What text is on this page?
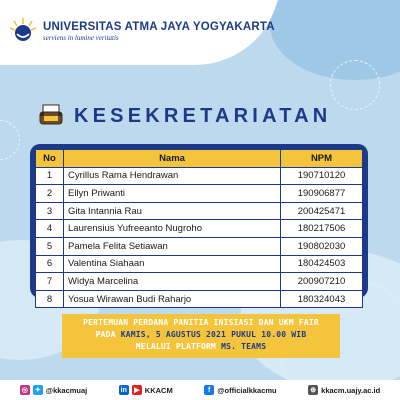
UNIVERSITAS ATMA JAYA YOGYAKARTA
serviens in lumine veritatis
KESEKRETARIATAN
No	Nama	NPM
1	Cyrillus Rama Hendrawan	190710120
2	Ellyn Priwanti	190906877
3	Gita Intannia Rau	200425471
4	Laurensius Yufreeanto Nugroho	180217506
5	Pamela Felita Setiawan	190802030
6	Valentina Siahaan	180424503
7	Widya Marcelina	200907210
8	Yosua Wirawan Budi Raharjo	180324043
PERTEMUAN PERDANA PANITIA INISIASI DAN UKM FAIR
PADA KAMIS, 5 AGUSTUS 2021 PUKUL 10.00 WIB
MELALUI PLATFORM MS. TEAMS
◎ ✦ @kkacmuaj	in	▶ KKACM	f @officialkkacmu	⊕ kkacm.uajy.ac.id
